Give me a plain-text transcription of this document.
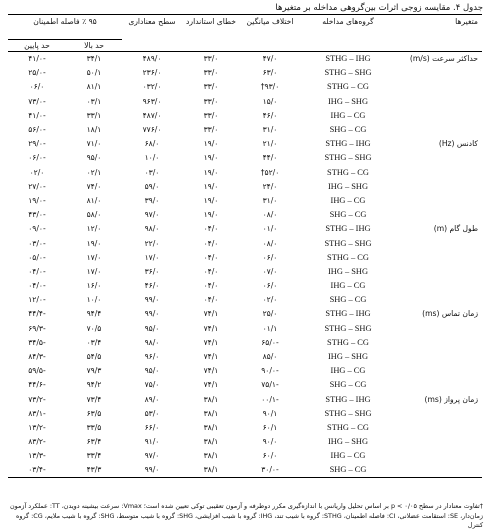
جدول ۴. مقایسه زوجی اثرات بین‌گروهی مداخله بر متغیرها
متغیرها	گروه‌های مداخله	اختلاف میانگین	خطای استاندارد	سطح معناداری	۹۵ ٪ فاصله اطمینان	
					حد بالا	حد پایین
حداکثر سرعت (m/s)	STHG – IHG	۴۷/۰	۳۳/۰	۴۸۹/۰	۳۴/۱	-۴۱/۰
	STHG – SHG	۶۳/۰	۳۳/۰	۲۳۶/۰	۵۰/۱	-۲۵/۰
	STHG – CG	۹۳/۰†	۳۳/۰	۰۳۲/۰	۸۱/۱	۰۶/۰
	IHG – SHG	۱۵/۰	۳۳/۰	۹۶۳/۰	۰۳/۱	-۷۳/۰
	IHG – CG	۴۶/۰	۳۳/۰	۴۸۷/۰	۳۳/۱	-۴۱/۰
	SHG – CG	۳۱/۰	۳۳/۰	۷۷۶/۰	۱۸/۱	-۵۶/۰
کادنس (Hz)	STHG – IHG	۲۱/۰	۱۹/۰	۶۸/۰	۷۱/۰	-۲۹/۰
	STHG – SHG	۴۴/۰	۱۹/۰	۱۰/۰	۹۵/۰	-۰۶/۰
	STHG – CG	۵۲/۰†	۱۹/۰	۰۳/۰	۰۲/۱	۰۲/۰
	IHG – SHG	۲۴/۰	۱۹/۰	۵۹/۰	۷۴/۰	-۲۷/۰
	IHG – CG	۳۱/۰	۱۹/۰	۳۹/۰	۸۱/۰	-۱۹/۰
	SHG – CG	۰۸/۰	۱۹/۰	۹۷/۰	۵۸/۰	-۴۳/۰
طول گام (m)	STHG – IHG	۰۱/۰	۰۴/۰	۹۸/۰	۱۲/۰	-۰۹/۰
	STHG – SHG	۰۸/۰	۰۴/۰	۲۲/۰	۱۹/۰	-۰۳/۰
	STHG – CG	۰۶/۰	۰۴/۰	۱۷/۰	۱۷/۰	-۰۵/۰
	IHG – SHG	۰۷/۰	۰۴/۰	۳۶/۰	۱۷/۰	-۰۴/۰
	IHG – CG	۰۶/۰	۰۴/۰	۴۶/۰	۱۶/۰	-۰۴/۰
	SHG – CG	۰۲/۰	۰۴/۰	۹۹/۰	۱۰/۰	-۱۲/۰
زمان تماس (ms)	STHG – IHG	۲۵/۰	۷۴/۱	۹۹/۰	۹۴/۴	-۴۴/۴
	STHG – SHG	۰۱/۱	۷۴/۱	۹۵/۰	۷۰/۵	-۶۹/۳
	STHG – CG	-۶۵/۰	۷۴/۱	۹۸/۰	۰۳/۴	-۳۴/۵
	IHG – SHG	۸۵/۰	۷۴/۱	۹۶/۰	۵۴/۵	-۸۴/۳
	IHG – CG	-۹۰/۰	۷۴/۱	۹۵/۰	۷۹/۳	-۵۹/۵
	SHG – CG	-۷۵/۱	۷۴/۱	۷۵/۰	۹۴/۲	-۴۴/۶
زمان پرواز (ms)	STHG – IHG	-۰۰/۱	۳۸/۱	۸۹/۰	۷۳/۴	-۷۳/۲
	STHG – SHG	۹۰/۱	۳۸/۱	۵۳/۰	۶۳/۵	-۸۳/۱
	STHG – CG	۶۰/۱	۳۸/۱	۶۶/۰	۳۳/۵	-۱۳/۲
	IHG – SHG	۹۰/۰	۳۸/۱	۹۱/۰	۶۳/۴	-۸۳/۲
	IHG – CG	۶۰/۰	۳۸/۱	۹۷/۰	۳۳/۴	-۱۳/۳
	SHG – CG	-۳۰/۰	۳۸/۱	۹۹/۰	۴۳/۳	-۰۳/۴
†تفاوت معنادار در سطح ۰/۰۵ > p بر اساس تحلیل واریانس با اندازه‌گیری مکرر دوطرفه و آزمون تعقیبی توکی تعیین شده است؛ Vmax: سرعت بیشینه دویدن، TT: عملکرد آزمون زمان‌دار، SE: استقامت عضلانی، CI: فاصله اطمینان، STHG: گروه با شیب تند، IHG: گروه با شیب افزایشی، SHG: گروه با شیب متوسط، SHG: گروه با شیب ملایم، CG: گروه کنترل
